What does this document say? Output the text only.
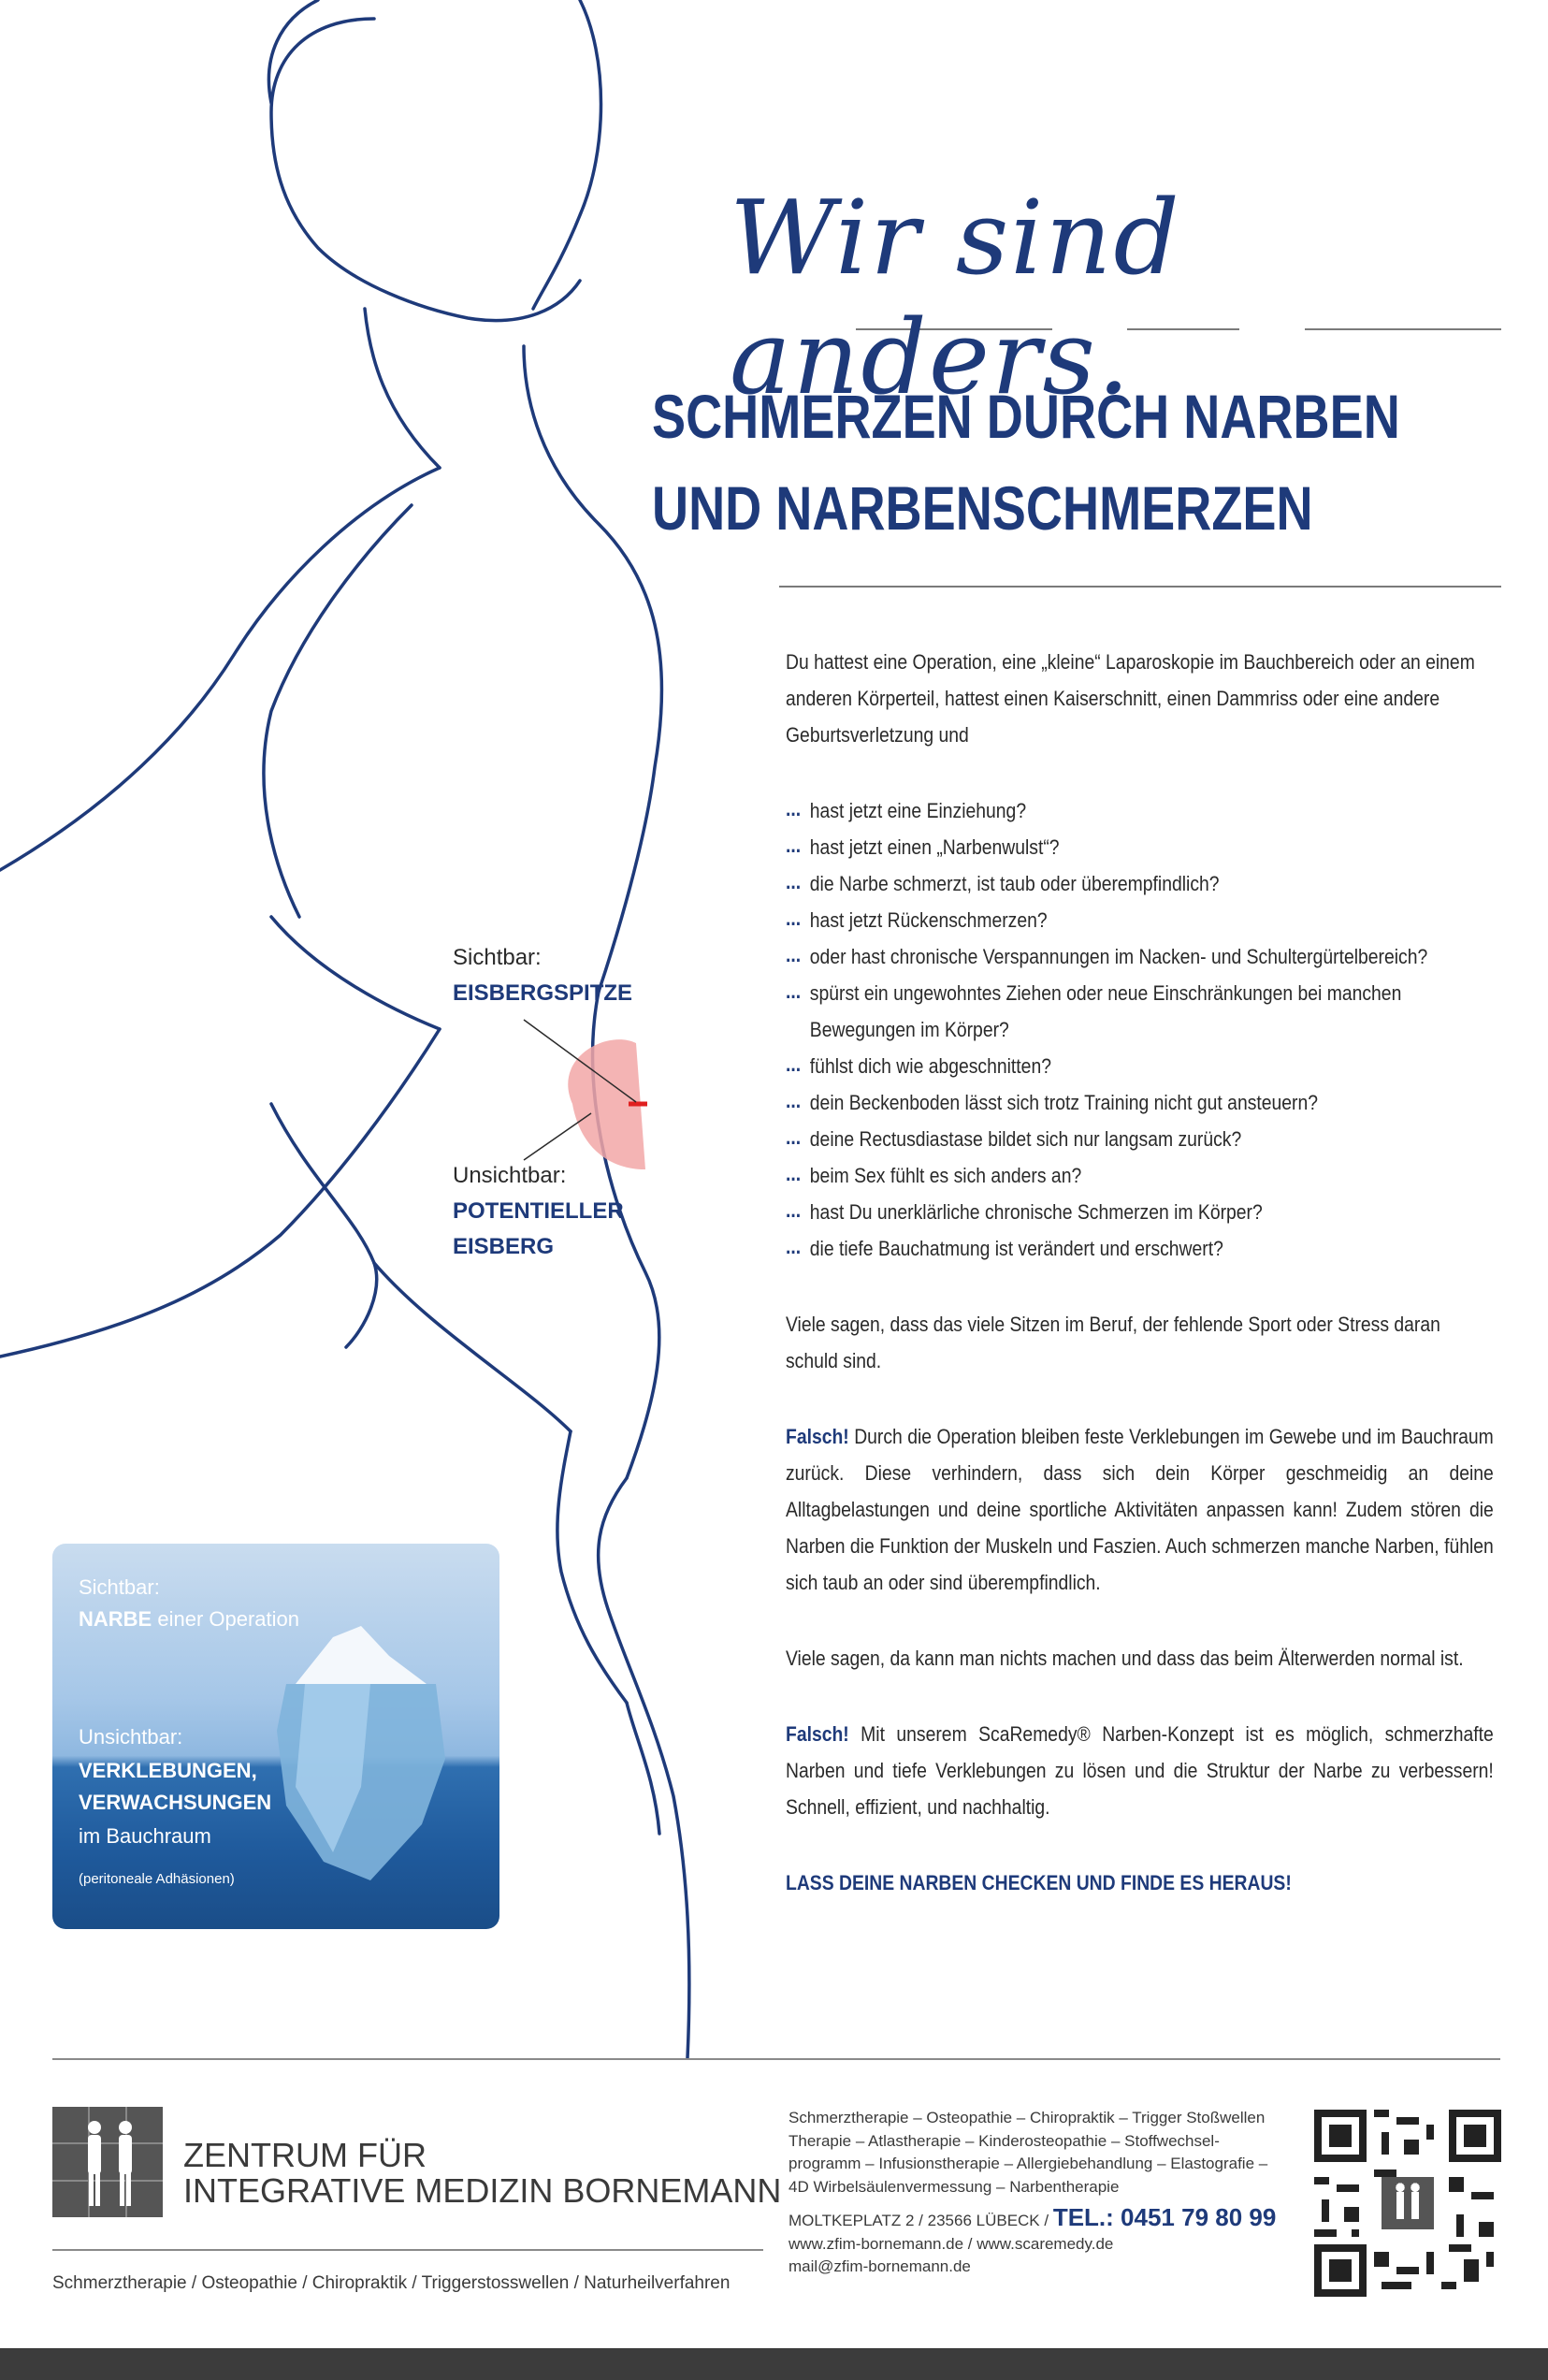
Wir sind anders.
SCHMERZEN DURCH NARBEN
UND NARBENSCHMERZEN
Sichtbar:
EISBERGSPITZE
Unsichtbar:
POTENTIELLER
EISBERG

Du hattest eine Operation, eine „kleine“ Laparoskopie im Bauchbereich oder an einem anderen Körperteil, hattest einen Kaiserschnitt, einen Dammriss oder eine andere Geburtsverletzung und

... hast jetzt eine Einziehung?
... hast jetzt einen „Narbenwulst“?
... die Narbe schmerzt, ist taub oder überempfindlich?
... hast jetzt Rückenschmerzen?
... oder hast chronische Verspannungen im Nacken- und Schultergürtelbereich?
... spürst ein ungewohntes Ziehen oder neue Einschränkungen bei manchen Bewegungen im Körper?
... fühlst dich wie abgeschnitten?
... dein Beckenboden lässt sich trotz Training nicht gut ansteuern?
... deine Rectusdiastase bildet sich nur langsam zurück?
... beim Sex fühlt es sich anders an?
... hast Du unerklärliche chronische Schmerzen im Körper?
... die tiefe Bauchatmung ist verändert und erschwert?

Viele sagen, dass das viele Sitzen im Beruf, der fehlende Sport oder Stress daran schuld sind.

Falsch! Durch die Operation bleiben feste Verklebungen im Gewebe und im Bauchraum zurück. Diese verhindern, dass sich dein Körper geschmeidig an deine Alltagbelastungen und deine sportliche Aktivitäten anpassen kann! Zudem stören die Narben die Funktion der Muskeln und Faszien. Auch schmerzen manche Narben, fühlen sich taub an oder sind überempfindlich.

Viele sagen, da kann man nichts machen und dass das beim Älterwerden normal ist.

Falsch! Mit unserem ScaRemedy® Narben-Konzept ist es möglich, schmerzhafte Narben und tiefe Verklebungen zu lösen und die Struktur der Narbe zu verbessern! Schnell, effizient, und nachhaltig.

LASS DEINE NARBEN CHECKEN UND FINDE ES HERAUS!

Sichtbar:
NARBE einer Operation
Unsichtbar:
VERKLEBUNGEN,
VERWACHSUNGEN
im Bauchraum
(peritoneale Adhäsionen)
ZENTRUM FÜR
INTEGRATIVE MEDIZIN BORNEMANN
Schmerztherapie / Osteopathie / Chiropraktik / Triggerstosswellen / Naturheilverfahren
Schmerztherapie – Osteopathie – Chiropraktik – Trigger Stoßwellen
Therapie – Atlastherapie – Kinderosteopathie – Stoffwechsel-
programm – Infusionstherapie – Allergiebehandlung – Elastografie –
4D Wirbelsäulenvermessung – Narbentherapie
MOLTKEPLATZ 2 / 23566 LÜBECK / TEL.: 0451 79 80 99
www.zfim-bornemann.de / www.scaremedy.de
mail@zfim-bornemann.de
